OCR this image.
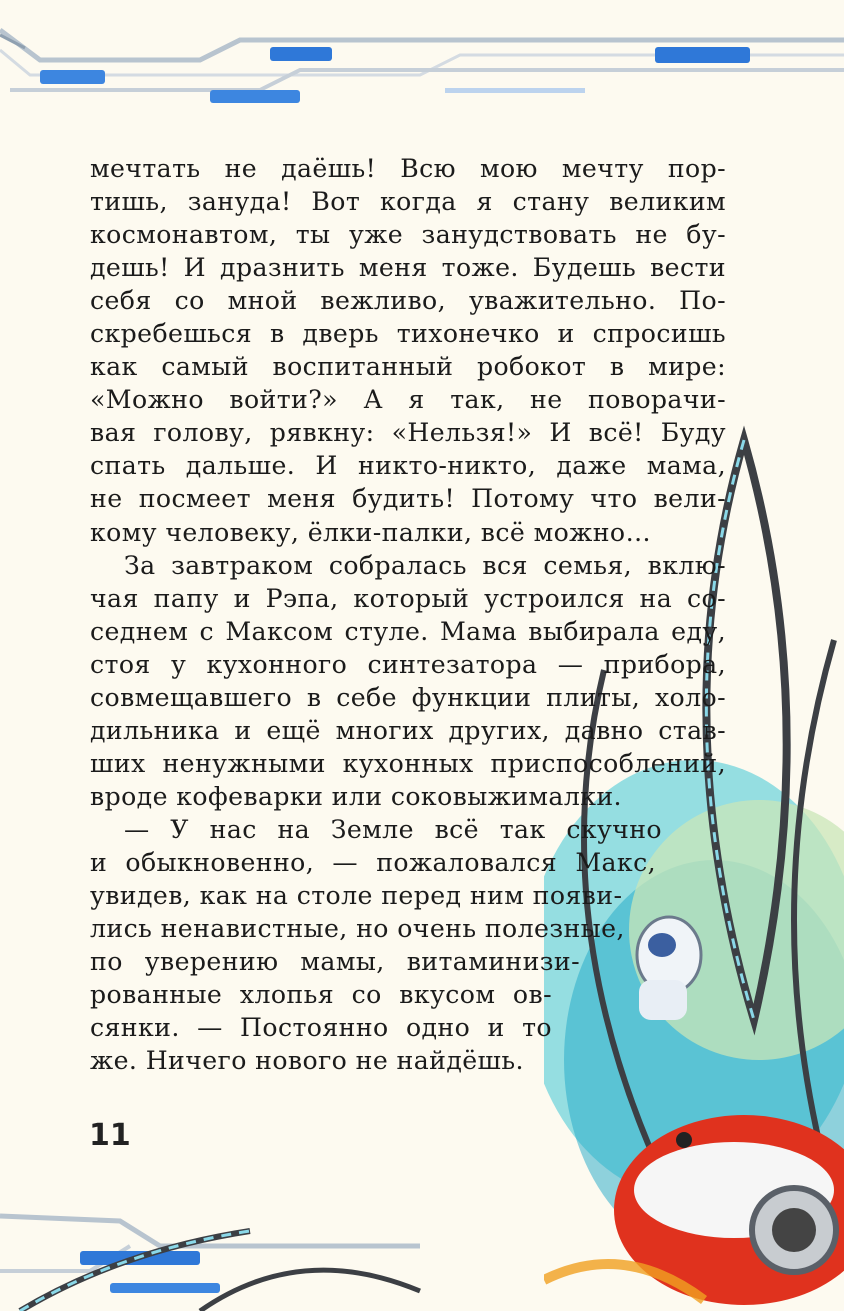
мечтать не даёшь! Всю мою мечту пор-
тишь, зануда! Вот когда я стану великим
космонавтом, ты уже занудствовать не бу-
дешь! И дразнить меня тоже. Будешь вести
себя со мной вежливо, уважительно. По-
скребешься в дверь тихонечко и спросишь
как самый воспитанный робокот в мире:
«Можно войти?» А я так, не поворачи-
вая голову, рявкну: «Нельзя!» И всё! Буду
спать дальше. И никто-никто, даже мама,
не посмеет меня будить! Потому что вели-
кому человеку, ёлки-палки, всё можно…
За завтраком собралась вся семья, вклю-
чая папу и Рэпа, который устроился на со-
седнем с Максом стуле. Мама выбирала еду,
стоя у кухонного синтезатора — прибора,
совмещавшего в себе функции плиты, холо-
дильника и ещё многих других, давно став-
ших ненужными кухонных приспособлений,
вроде кофеварки или соковыжималки.
— У нас на Земле всё так скучно
и обыкновенно, — пожаловался Макс,
увидев, как на столе перед ним появи-
лись ненавистные, но очень полезные,
по уверению мамы, витаминизи-
рованные хлопья со вкусом ов-
сянки. — Постоянно одно и то
же. Ничего нового не найдёшь.
11
